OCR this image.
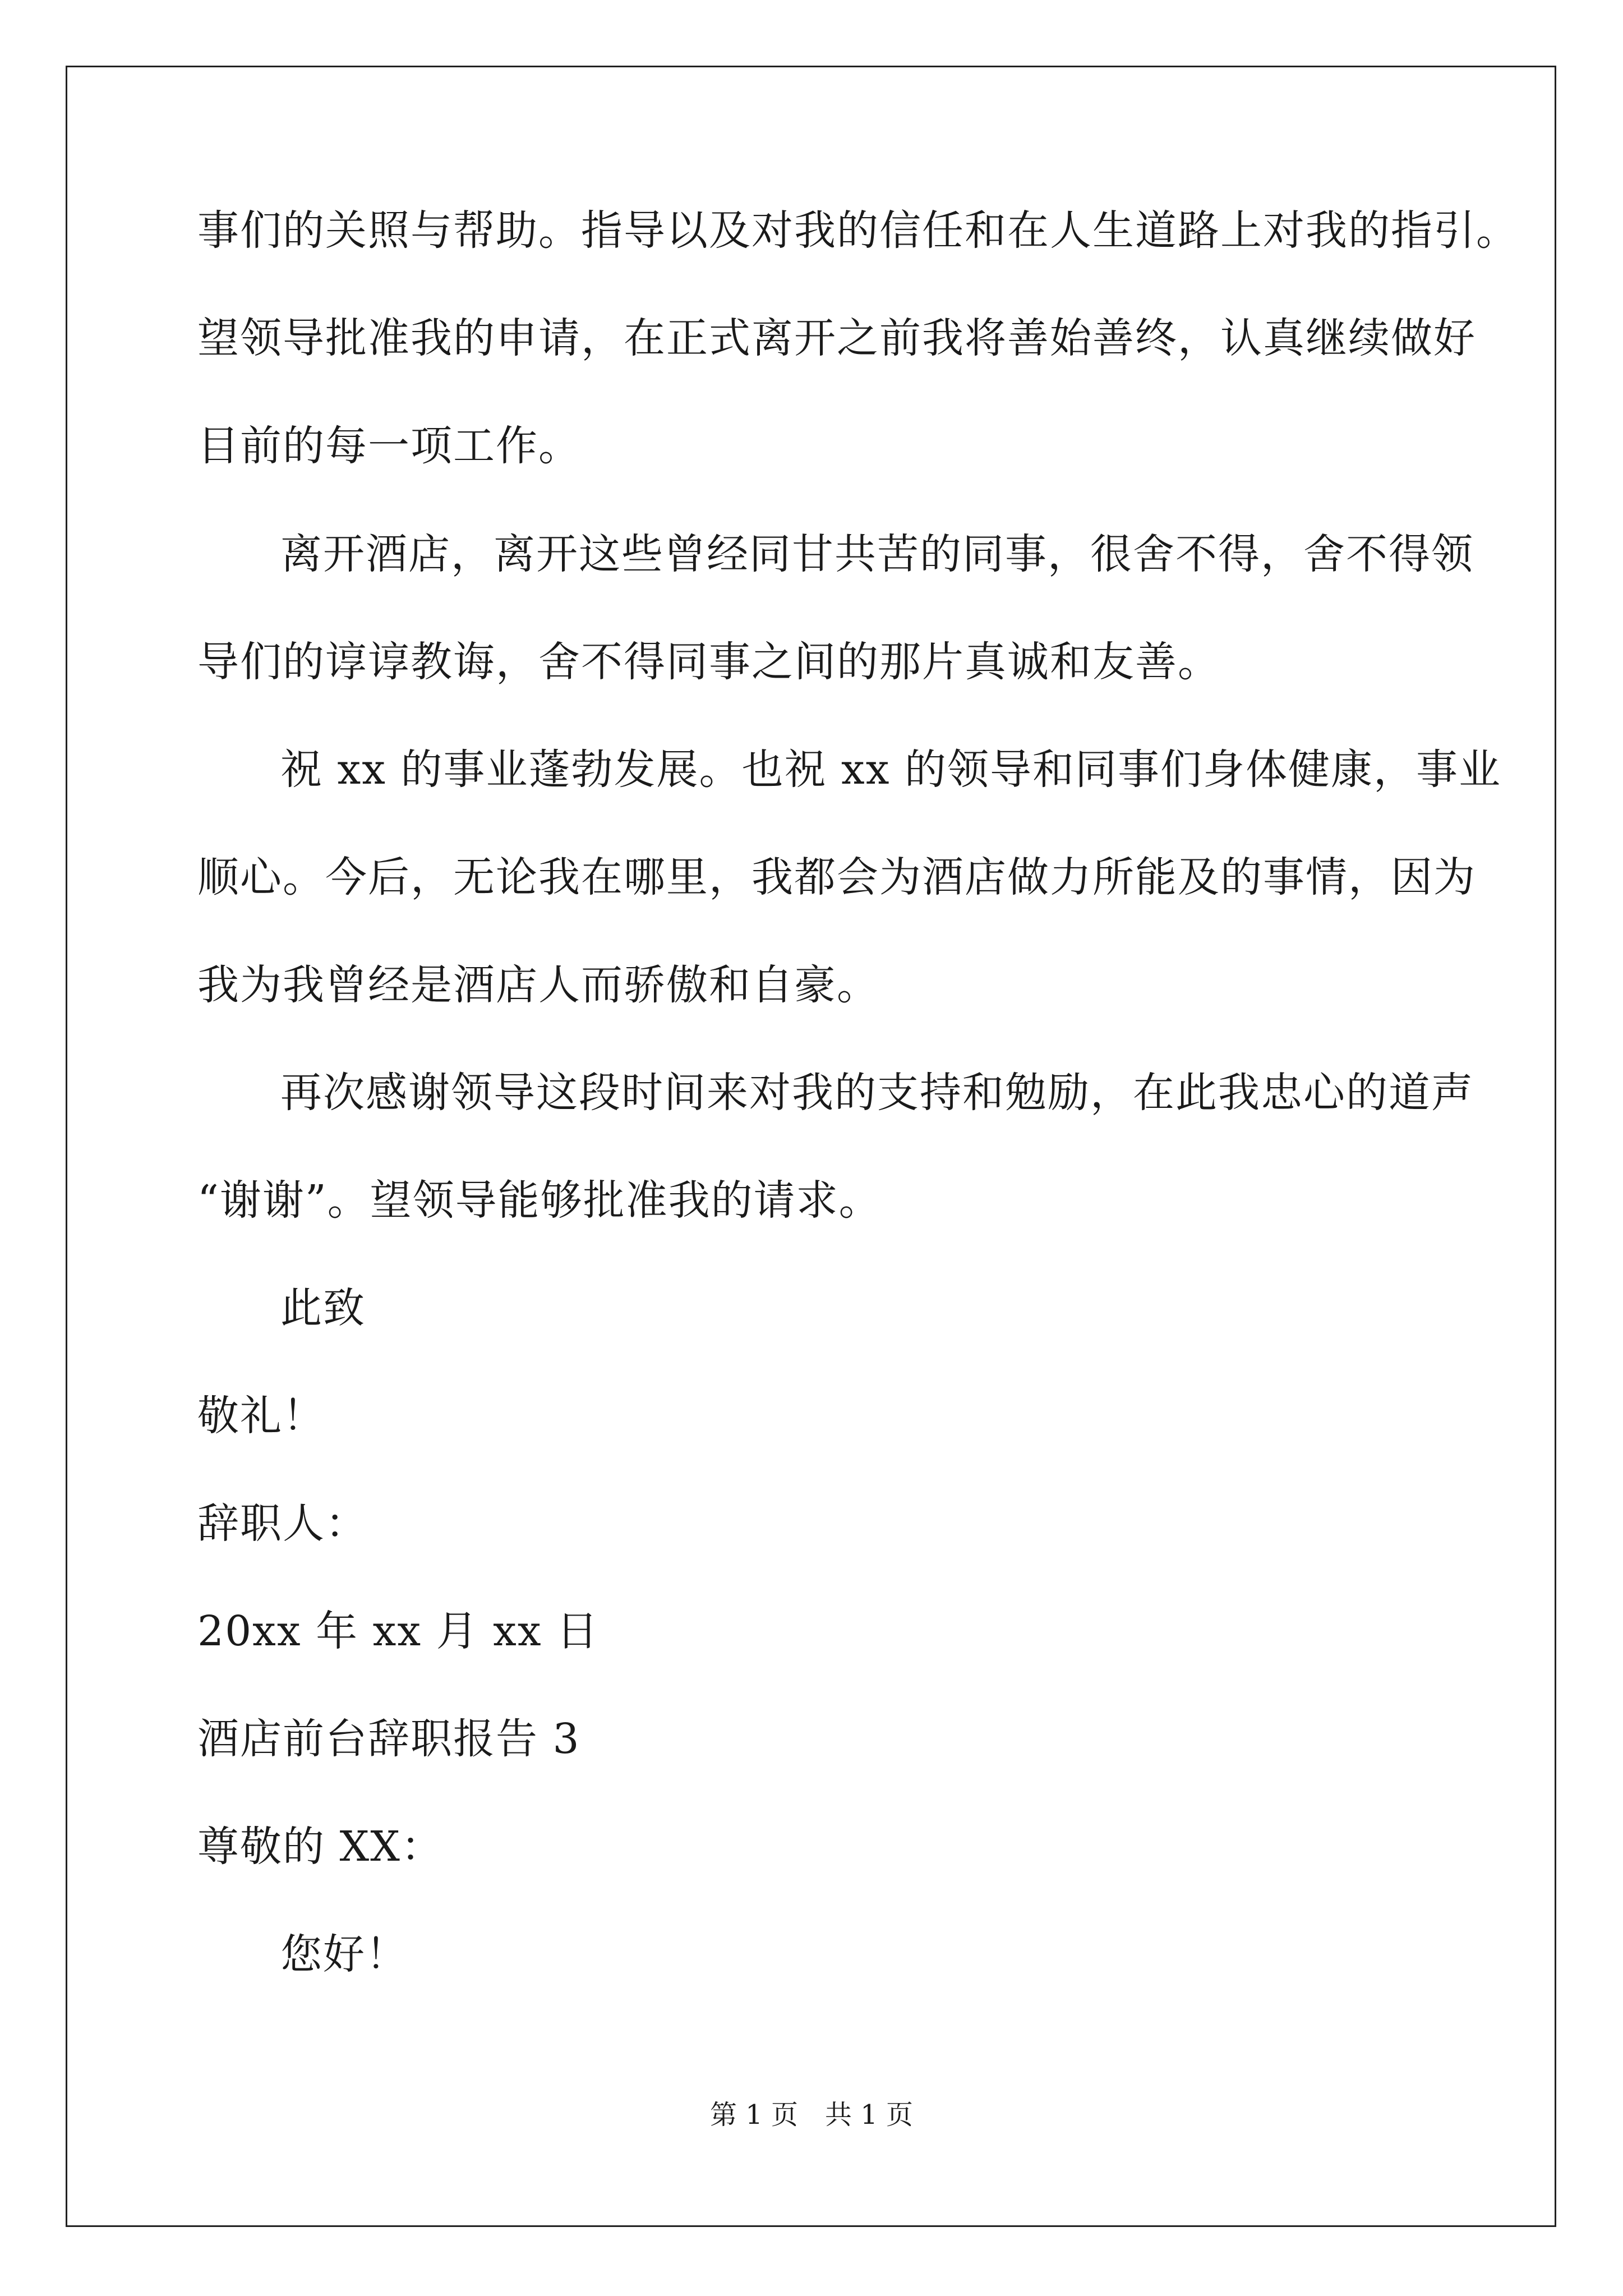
事们的关照与帮助。指导以及对我的信任和在人生道路上对我的指引。
望领导批准我的申请，在正式离开之前我将善始善终，认真继续做好
目前的每一项工作。
离开酒店，离开这些曾经同甘共苦的同事，很舍不得，舍不得领
导们的谆谆教诲，舍不得同事之间的那片真诚和友善。
祝 xx 的事业蓬勃发展。也祝 xx 的领导和同事们身体健康，事业
顺心。今后，无论我在哪里，我都会为酒店做力所能及的事情，因为
我为我曾经是酒店人而骄傲和自豪。
再次感谢领导这段时间来对我的支持和勉励，在此我忠心的道声
“谢谢”。望领导能够批准我的请求。
此致
敬礼！
辞职人：
20xx 年 xx 月 xx 日
酒店前台辞职报告 3
尊敬的 XX：
您好！
第 1 页　共 1 页
